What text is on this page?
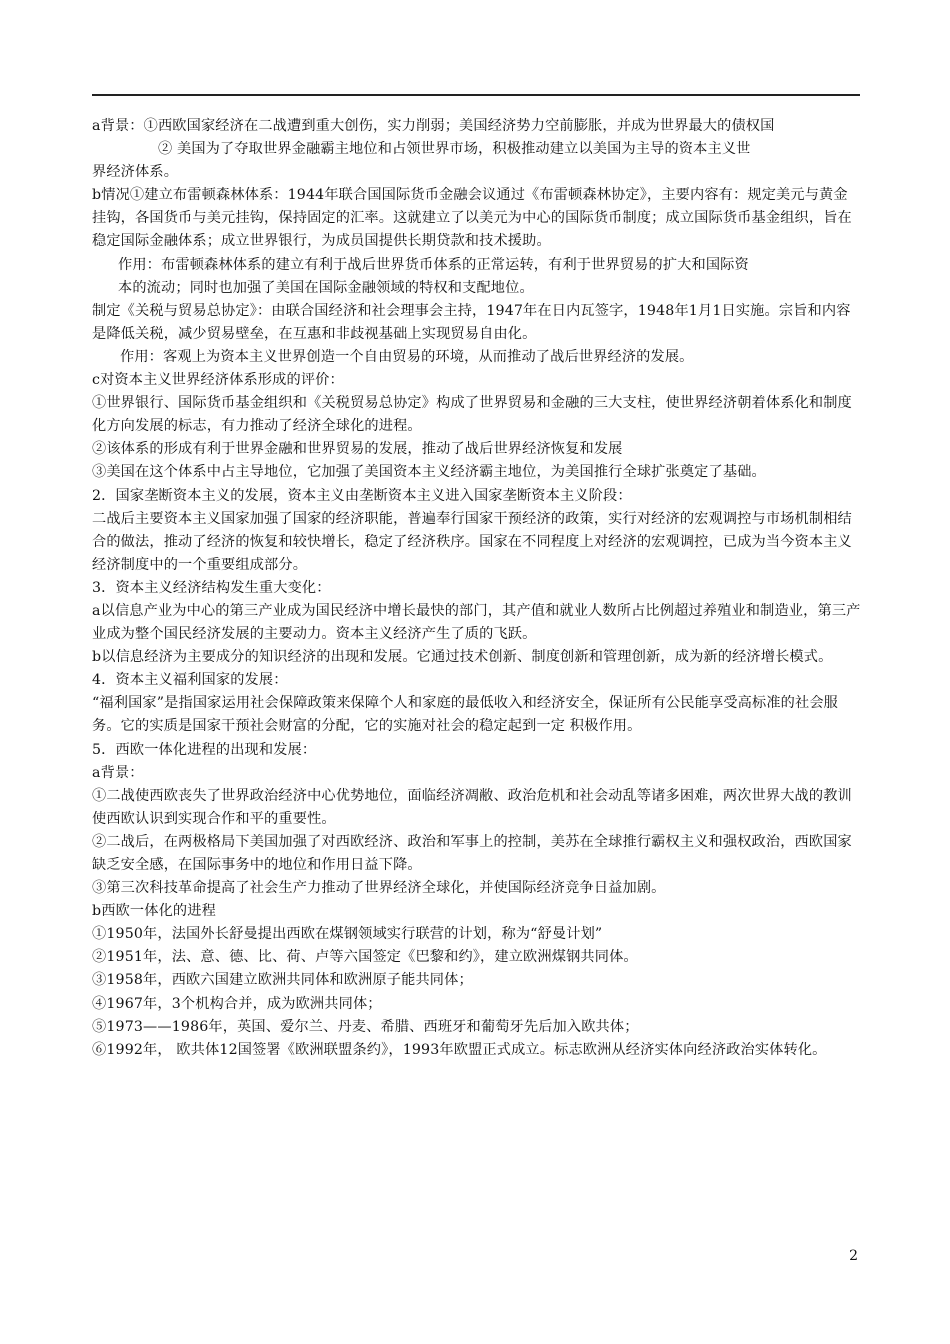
a背景：①西欧国家经济在二战遭到重大创伤，实力削弱；美国经济势力空前膨胀，并成为世界最大的债权国

② 美国为了夺取世界金融霸主地位和占领世界市场，积极推动建立以美国为主导的资本主义世

界经济体系。

b情况①建立布雷顿森林体系：1944年联合国国际货币金融会议通过《布雷顿森林协定》，主要内容有：规定美元与黄金挂钩，各国货币与美元挂钩，保持固定的汇率。这就建立了以美元为中心的国际货币制度；成立国际货币基金组织，旨在稳定国际金融体系；成立世界银行，为成员国提供长期贷款和技术援助。

作用：布雷顿森林体系的建立有利于战后世界货币体系的正常运转，有利于世界贸易的扩大和国际资

本的流动；同时也加强了美国在国际金融领域的特权和支配地位。

制定《关税与贸易总协定》：由联合国经济和社会理事会主持，1947年在日内瓦签字，1948年1月1日实施。宗旨和内容是降低关税，减少贸易壁垒，在互惠和非歧视基础上实现贸易自由化。

作用：客观上为资本主义世界创造一个自由贸易的环境，从而推动了战后世界经济的发展。

c对资本主义世界经济体系形成的评价：

①世界银行、国际货币基金组织和《关税贸易总协定》构成了世界贸易和金融的三大支柱，使世界经济朝着体系化和制度化方向发展的标志，有力推动了经济全球化的进程。

②该体系的形成有利于世界金融和世界贸易的发展，推动了战后世界经济恢复和发展

③美国在这个体系中占主导地位，它加强了美国资本主义经济霸主地位，为美国推行全球扩张奠定了基础。

2．国家垄断资本主义的发展，资本主义由垄断资本主义进入国家垄断资本主义阶段：

二战后主要资本主义国家加强了国家的经济职能，普遍奉行国家干预经济的政策，实行对经济的宏观调控与市场机制相结合的做法，推动了经济的恢复和较快增长，稳定了经济秩序。国家在不同程度上对经济的宏观调控，已成为当今资本主义经济制度中的一个重要组成部分。

3．资本主义经济结构发生重大变化：

a以信息产业为中心的第三产业成为国民经济中增长最快的部门，其产值和就业人数所占比例超过养殖业和制造业，第三产业成为整个国民经济发展的主要动力。资本主义经济产生了质的飞跃。

b以信息经济为主要成分的知识经济的出现和发展。它通过技术创新、制度创新和管理创新，成为新的经济增长模式。

4．资本主义福利国家的发展：

“福利国家”是指国家运用社会保障政策来保障个人和家庭的最低收入和经济安全，保证所有公民能享受高标准的社会服务。它的实质是国家干预社会财富的分配，它的实施对社会的稳定起到一定 积极作用。

5．西欧一体化进程的出现和发展：

a背景：

①二战使西欧丧失了世界政治经济中心优势地位，面临经济凋敝、政治危机和社会动乱等诸多困难，两次世界大战的教训使西欧认识到实现合作和平的重要性。

②二战后，在两极格局下美国加强了对西欧经济、政治和军事上的控制，美苏在全球推行霸权主义和强权政治，西欧国家缺乏安全感，在国际事务中的地位和作用日益下降。

③第三次科技革命提高了社会生产力推动了世界经济全球化，并使国际经济竞争日益加剧。

b西欧一体化的进程

①1950年，法国外长舒曼提出西欧在煤钢领域实行联营的计划，称为“舒曼计划”

②1951年，法、意、德、比、荷、卢等六国签定《巴黎和约》，建立欧洲煤钢共同体。

③1958年，西欧六国建立欧洲共同体和欧洲原子能共同体；

④1967年，3个机构合并，成为欧洲共同体；

⑤1973——1986年，英国、爱尔兰、丹麦、希腊、西班牙和葡萄牙先后加入欧共体；

⑥1992年， 欧共体12国签署《欧洲联盟条约》，1993年欧盟正式成立。标志欧洲从经济实体向经济政治实体转化。

2
